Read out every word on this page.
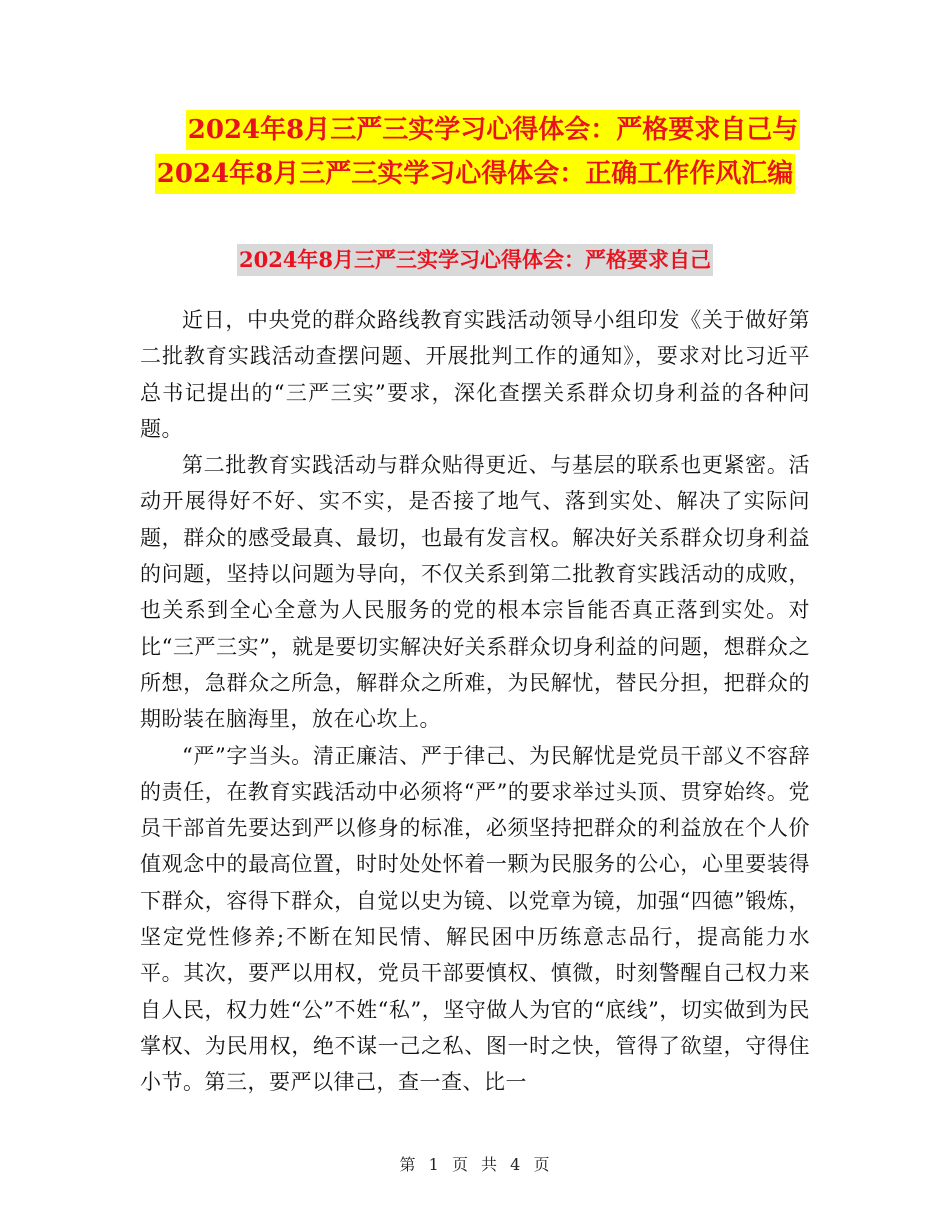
2024年8月三严三实学习心得体会：严格要求自己与
2024年8月三严三实学习心得体会：正确工作作风汇编
2024年8月三严三实学习心得体会：严格要求自己

近日，中央党的群众路线教育实践活动领导小组印发《关于做好第二批教育实践活动查摆问题、开展批判工作的通知》，要求对比习近平总书记提出的“三严三实”要求，深化查摆关系群众切身利益的各种问题。

第二批教育实践活动与群众贴得更近、与基层的联系也更紧密。活动开展得好不好、实不实，是否接了地气、落到实处、解决了实际问题，群众的感受最真、最切，也最有发言权。解决好关系群众切身利益的问题，坚持以问题为导向，不仅关系到第二批教育实践活动的成败，也关系到全心全意为人民服务的党的根本宗旨能否真正落到实处。对比“三严三实”，就是要切实解决好关系群众切身利益的问题，想群众之所想，急群众之所急，解群众之所难，为民解忧，替民分担，把群众的期盼装在脑海里，放在心坎上。

“严”字当头。清正廉洁、严于律己、为民解忧是党员干部义不容辞的责任，在教育实践活动中必须将“严”的要求举过头顶、贯穿始终。党员干部首先要达到严以修身的标准，必须坚持把群众的利益放在个人价值观念中的最高位置，时时处处怀着一颗为民服务的公心，心里要装得下群众，容得下群众，自觉以史为镜、以党章为镜，加强“四德”锻炼，坚定党性修养;不断在知民情、解民困中历练意志品行，提高能力水平。其次，要严以用权，党员干部要慎权、慎微，时刻警醒自己权力来自人民，权力姓“公”不姓“私”，坚守做人为官的“底线”，切实做到为民掌权、为民用权，绝不谋一己之私、图一时之快，管得了欲望，守得住小节。第三，要严以律己，查一查、比一

第 1 页 共 4 页
